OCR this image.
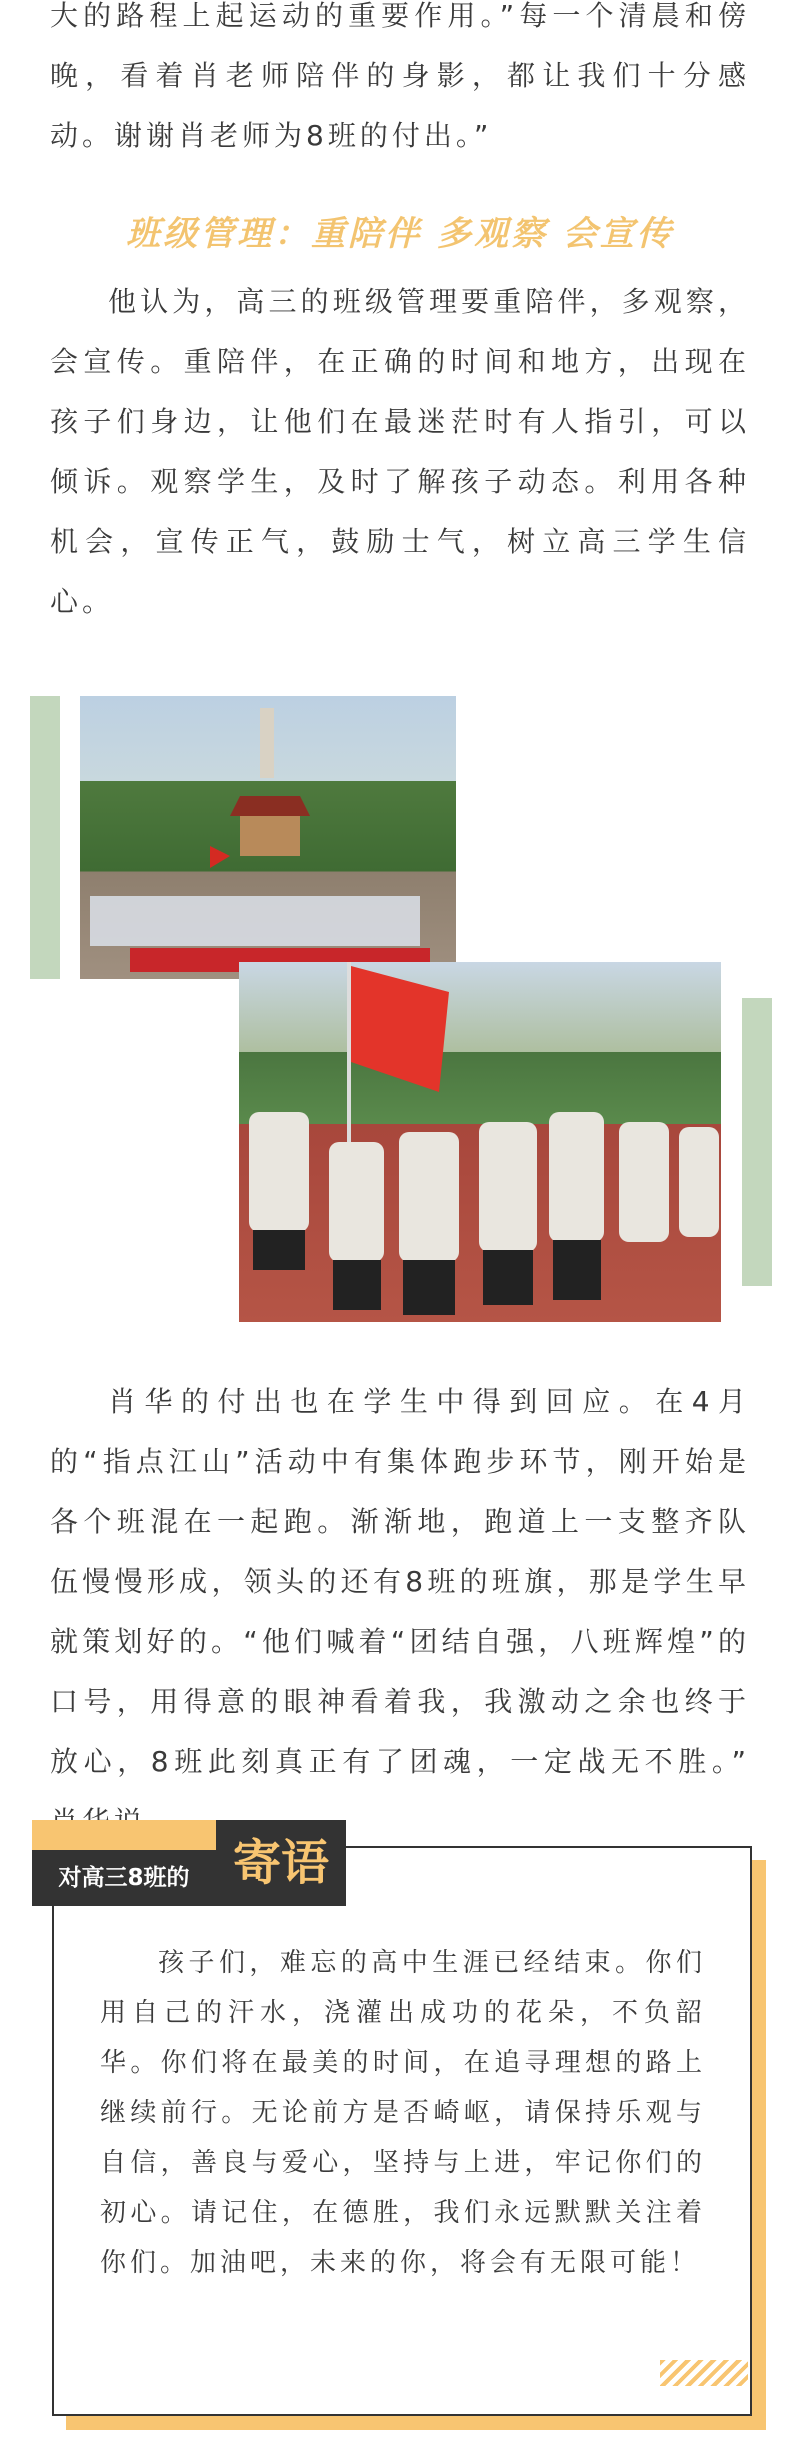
大的路程上起运动的重要作用。”每一个清晨和傍晚，看着肖老师陪伴的身影，都让我们十分感动。谢谢肖老师为8班的付出。”
班级管理：重陪伴 多观察 会宣传
他认为，高三的班级管理要重陪伴，多观察，会宣传。重陪伴，在正确的时间和地方，出现在孩子们身边，让他们在最迷茫时有人指引，可以倾诉。观察学生，及时了解孩子动态。利用各种机会，宣传正气，鼓励士气，树立高三学生信心。
肖华的付出也在学生中得到回应。在4月的“指点江山”活动中有集体跑步环节，刚开始是各个班混在一起跑。渐渐地，跑道上一支整齐队伍慢慢形成，领头的还有8班的班旗，那是学生早就策划好的。“他们喊着“团结自强，八班辉煌”的口号，用得意的眼神看着我，我激动之余也终于放心，8班此刻真正有了团魂，一定战无不胜。”
对高三8班的 寄语
孩子们，难忘的高中生涯已经结束。你们用自己的汗水，浇灌出成功的花朵，不负韶华。你们将在最美的时间，在追寻理想的路上继续前行。无论前方是否崎岖，请保持乐观与自信，善良与爱心，坚持与上进，牢记你们的初心。请记住，在德胜，我们永远默默关注着你们。加油吧，未来的你，将会有无限可能！
